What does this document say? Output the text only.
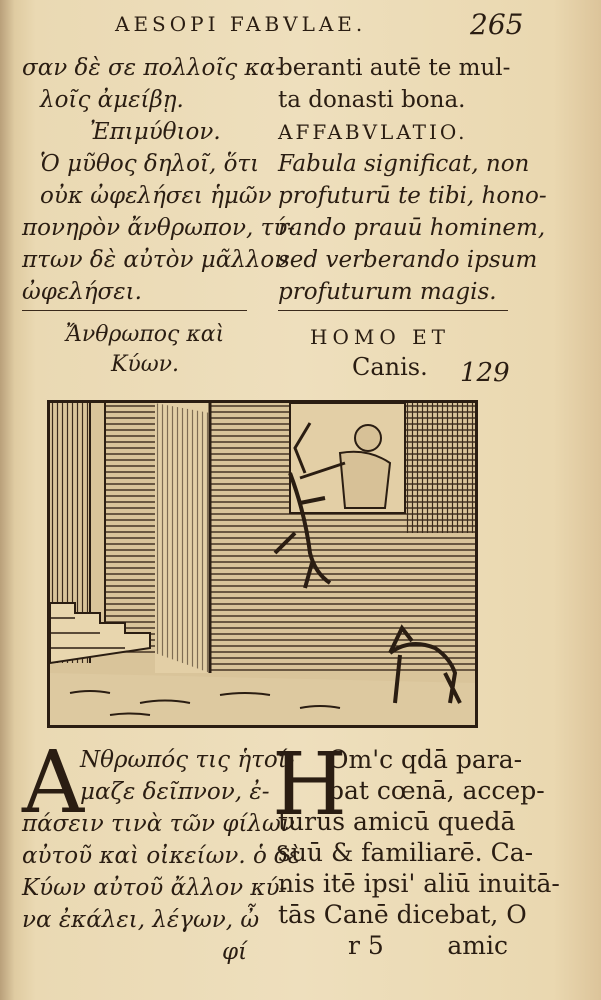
AESOPI FABVLAE.	265
σαν δὲ σε πολλοῖς κα-
λοῖς ἀμείβῃ.
Ἐπιμύθιον.
Ὁ μῦθος δηλοῖ, ὅτι
οὐκ ὠφελήσει ἡμῶν
πονηρὸν ἄνθρωπον, τύ-
πτων δὲ αὐτὸν μᾶλλον
ὠφελήσει.
beranti autē te mul-
ta donasti bona.
AFFABVLATIO.
Fabula significat, non
profuturū te tibi, hono-
rando prauū hominem,
sed verberando ipsum
profuturum magis.
Ἄνθρωπος καὶ
Κύων.
HOMO ET
Canis.	129
A
Νθρωπός τις ἡτοί-
μαζε δεῖπνον, ἐ-
πάσειν τινὰ τῶν φίλων
αὐτοῦ καὶ οἰκείων. ὁ δὲ
Κύων αὐτοῦ ἄλλον κύ-
να ἐκάλει, λέγων, ὦ
φί
H
Om'c qdā para-
bat cœnā, accep-
turus amicū quedā
suū & familiarē. Ca-
nis itē ipsi' aliū inuitā-
tās Canē dicebat, O
r 5        amic
